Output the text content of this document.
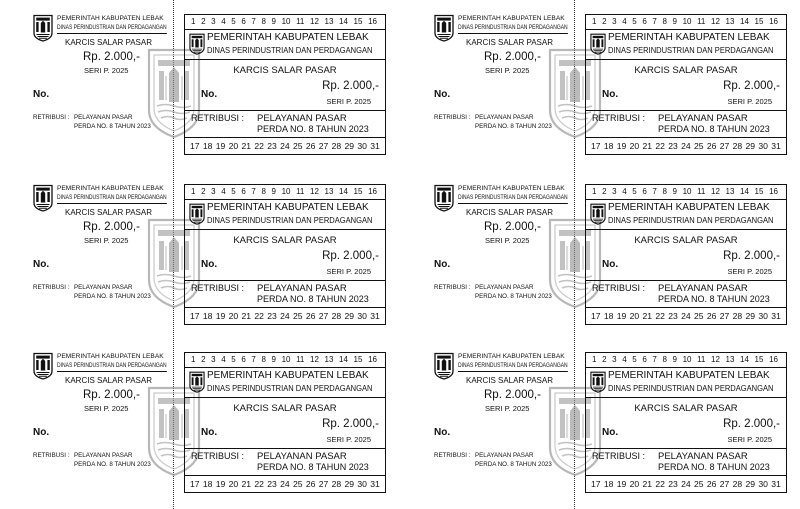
PEMERINTAH KABUPATEN LEBAK
DINAS PERINDUSTRIAN DAN PERDAGANGAN
KARCIS SALAR PASAR
Rp. 2.000,-
SERI P. 2025
No.
RETRIBUSI : PELAYANAN PASAR
PERDA NO. 8 TAHUN 2023
1 2 3 4 5 6 7 8 9 10 11 12 13 14 15 16
PEMERINTAH KABUPATEN LEBAK
DINAS PERINDUSTRIAN DAN PERDAGANGAN
KARCIS SALAR PASAR
No.
Rp. 2.000,-
SERI P. 2025
RETRIBUSI : PELAYANAN PASAR
PERDA NO. 8 TAHUN 2023
17 18 19 20 21 22 23 24 25 26 27 28 29 30 31
PEMERINTAH KABUPATEN LEBAK
DINAS PERINDUSTRIAN DAN PERDAGANGAN
KARCIS SALAR PASAR
Rp. 2.000,-
SERI P. 2025
No.
RETRIBUSI : PELAYANAN PASAR
PERDA NO. 8 TAHUN 2023
1 2 3 4 5 6 7 8 9 10 11 12 13 14 15 16
PEMERINTAH KABUPATEN LEBAK
DINAS PERINDUSTRIAN DAN PERDAGANGAN
KARCIS SALAR PASAR
No.
Rp. 2.000,-
SERI P. 2025
RETRIBUSI : PELAYANAN PASAR
PERDA NO. 8 TAHUN 2023
17 18 19 20 21 22 23 24 25 26 27 28 29 30 31
PEMERINTAH KABUPATEN LEBAK
DINAS PERINDUSTRIAN DAN PERDAGANGAN
KARCIS SALAR PASAR
Rp. 2.000,-
SERI P. 2025
No.
RETRIBUSI : PELAYANAN PASAR
PERDA NO. 8 TAHUN 2023
1 2 3 4 5 6 7 8 9 10 11 12 13 14 15 16
PEMERINTAH KABUPATEN LEBAK
DINAS PERINDUSTRIAN DAN PERDAGANGAN
KARCIS SALAR PASAR
No.
Rp. 2.000,-
SERI P. 2025
RETRIBUSI : PELAYANAN PASAR
PERDA NO. 8 TAHUN 2023
17 18 19 20 21 22 23 24 25 26 27 28 29 30 31
PEMERINTAH KABUPATEN LEBAK
DINAS PERINDUSTRIAN DAN PERDAGANGAN
KARCIS SALAR PASAR
Rp. 2.000,-
SERI P. 2025
No.
RETRIBUSI : PELAYANAN PASAR
PERDA NO. 8 TAHUN 2023
1 2 3 4 5 6 7 8 9 10 11 12 13 14 15 16
PEMERINTAH KABUPATEN LEBAK
DINAS PERINDUSTRIAN DAN PERDAGANGAN
KARCIS SALAR PASAR
No.
Rp. 2.000,-
SERI P. 2025
RETRIBUSI : PELAYANAN PASAR
PERDA NO. 8 TAHUN 2023
17 18 19 20 21 22 23 24 25 26 27 28 29 30 31
PEMERINTAH KABUPATEN LEBAK
DINAS PERINDUSTRIAN DAN PERDAGANGAN
KARCIS SALAR PASAR
Rp. 2.000,-
SERI P. 2025
No.
RETRIBUSI : PELAYANAN PASAR
PERDA NO. 8 TAHUN 2023
1 2 3 4 5 6 7 8 9 10 11 12 13 14 15 16
PEMERINTAH KABUPATEN LEBAK
DINAS PERINDUSTRIAN DAN PERDAGANGAN
KARCIS SALAR PASAR
No.
Rp. 2.000,-
SERI P. 2025
RETRIBUSI : PELAYANAN PASAR
PERDA NO. 8 TAHUN 2023
17 18 19 20 21 22 23 24 25 26 27 28 29 30 31
PEMERINTAH KABUPATEN LEBAK
DINAS PERINDUSTRIAN DAN PERDAGANGAN
KARCIS SALAR PASAR
Rp. 2.000,-
SERI P. 2025
No.
RETRIBUSI : PELAYANAN PASAR
PERDA NO. 8 TAHUN 2023
1 2 3 4 5 6 7 8 9 10 11 12 13 14 15 16
PEMERINTAH KABUPATEN LEBAK
DINAS PERINDUSTRIAN DAN PERDAGANGAN
KARCIS SALAR PASAR
No.
Rp. 2.000,-
SERI P. 2025
RETRIBUSI : PELAYANAN PASAR
PERDA NO. 8 TAHUN 2023
17 18 19 20 21 22 23 24 25 26 27 28 29 30 31
